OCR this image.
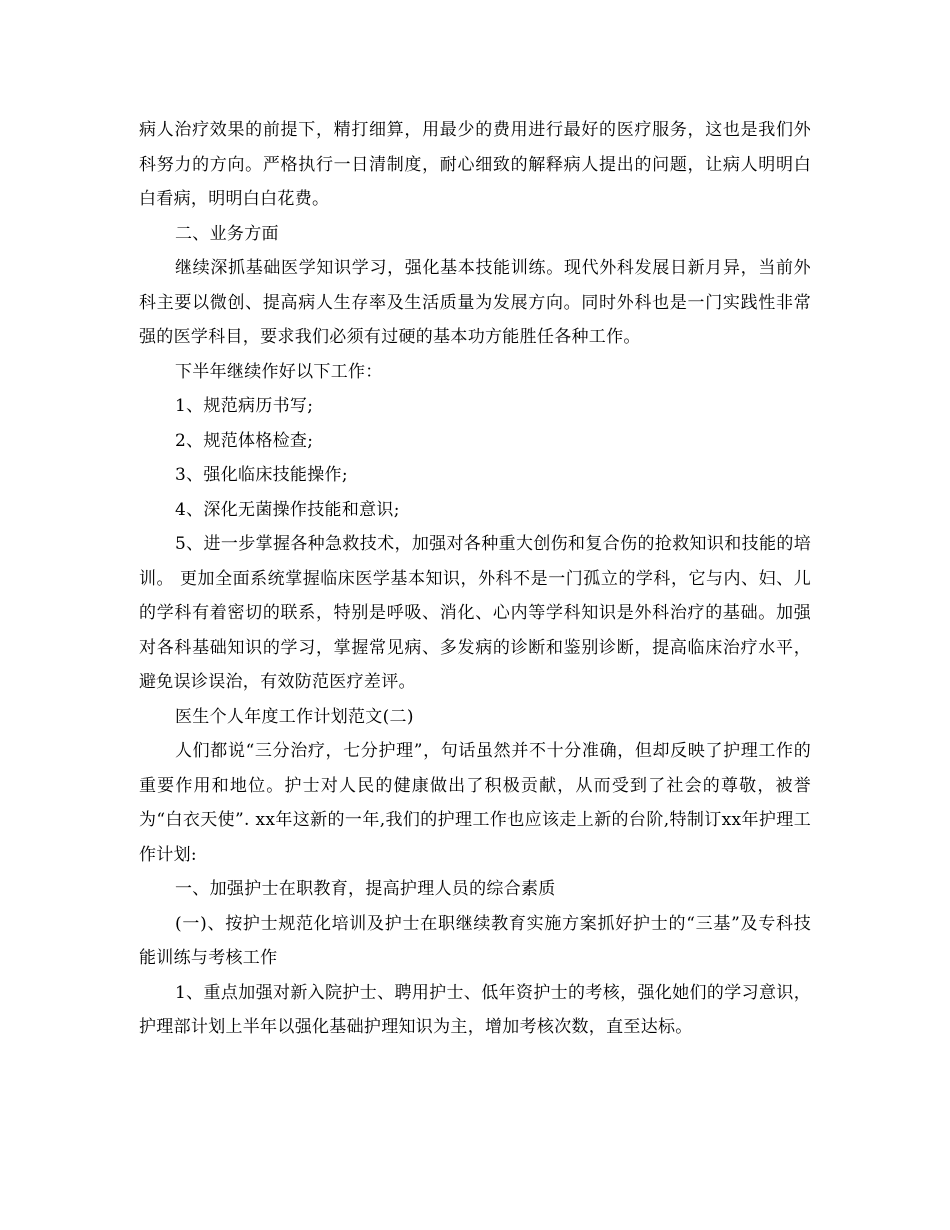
病人治疗效果的前提下，精打细算，用最少的费用进行最好的医疗服务，这也是我们外科努力的方向。严格执行一日清制度，耐心细致的解释病人提出的问题，让病人明明白白看病，明明白白花费。

二、业务方面

继续深抓基础医学知识学习，强化基本技能训练。现代外科发展日新月异，当前外科主要以微创、提高病人生存率及生活质量为发展方向。同时外科也是一门实践性非常强的医学科目，要求我们必须有过硬的基本功方能胜任各种工作。

下半年继续作好以下工作：

1、规范病历书写;

2、规范体格检查;

3、强化临床技能操作;

4、深化无菌操作技能和意识;

5、进一步掌握各种急救技术，加强对各种重大创伤和复合伤的抢救知识和技能的培训。 更加全面系统掌握临床医学基本知识，外科不是一门孤立的学科，它与内、妇、儿的学科有着密切的联系，特别是呼吸、消化、心内等学科知识是外科治疗的基础。加强对各科基础知识的学习，掌握常见病、多发病的诊断和鉴别诊断，提高临床治疗水平，避免误诊误治，有效防范医疗差评。

医生个人年度工作计划范文(二)

人们都说“三分治疗，七分护理”，句话虽然并不十分准确，但却反映了护理工作的重要作用和地位。护士对人民的健康做出了积极贡献，从而受到了社会的尊敬，被誉为“白衣天使”. xx年这新的一年,我们的护理工作也应该走上新的台阶,特制订xx年护理工作计划:

一、加强护士在职教育，提高护理人员的综合素质

(一)、按护士规范化培训及护士在职继续教育实施方案抓好护士的“三基”及专科技能训练与考核工作

1、重点加强对新入院护士、聘用护士、低年资护士的考核，强化她们的学习意识，护理部计划上半年以强化基础护理知识为主，增加考核次数，直至达标。
